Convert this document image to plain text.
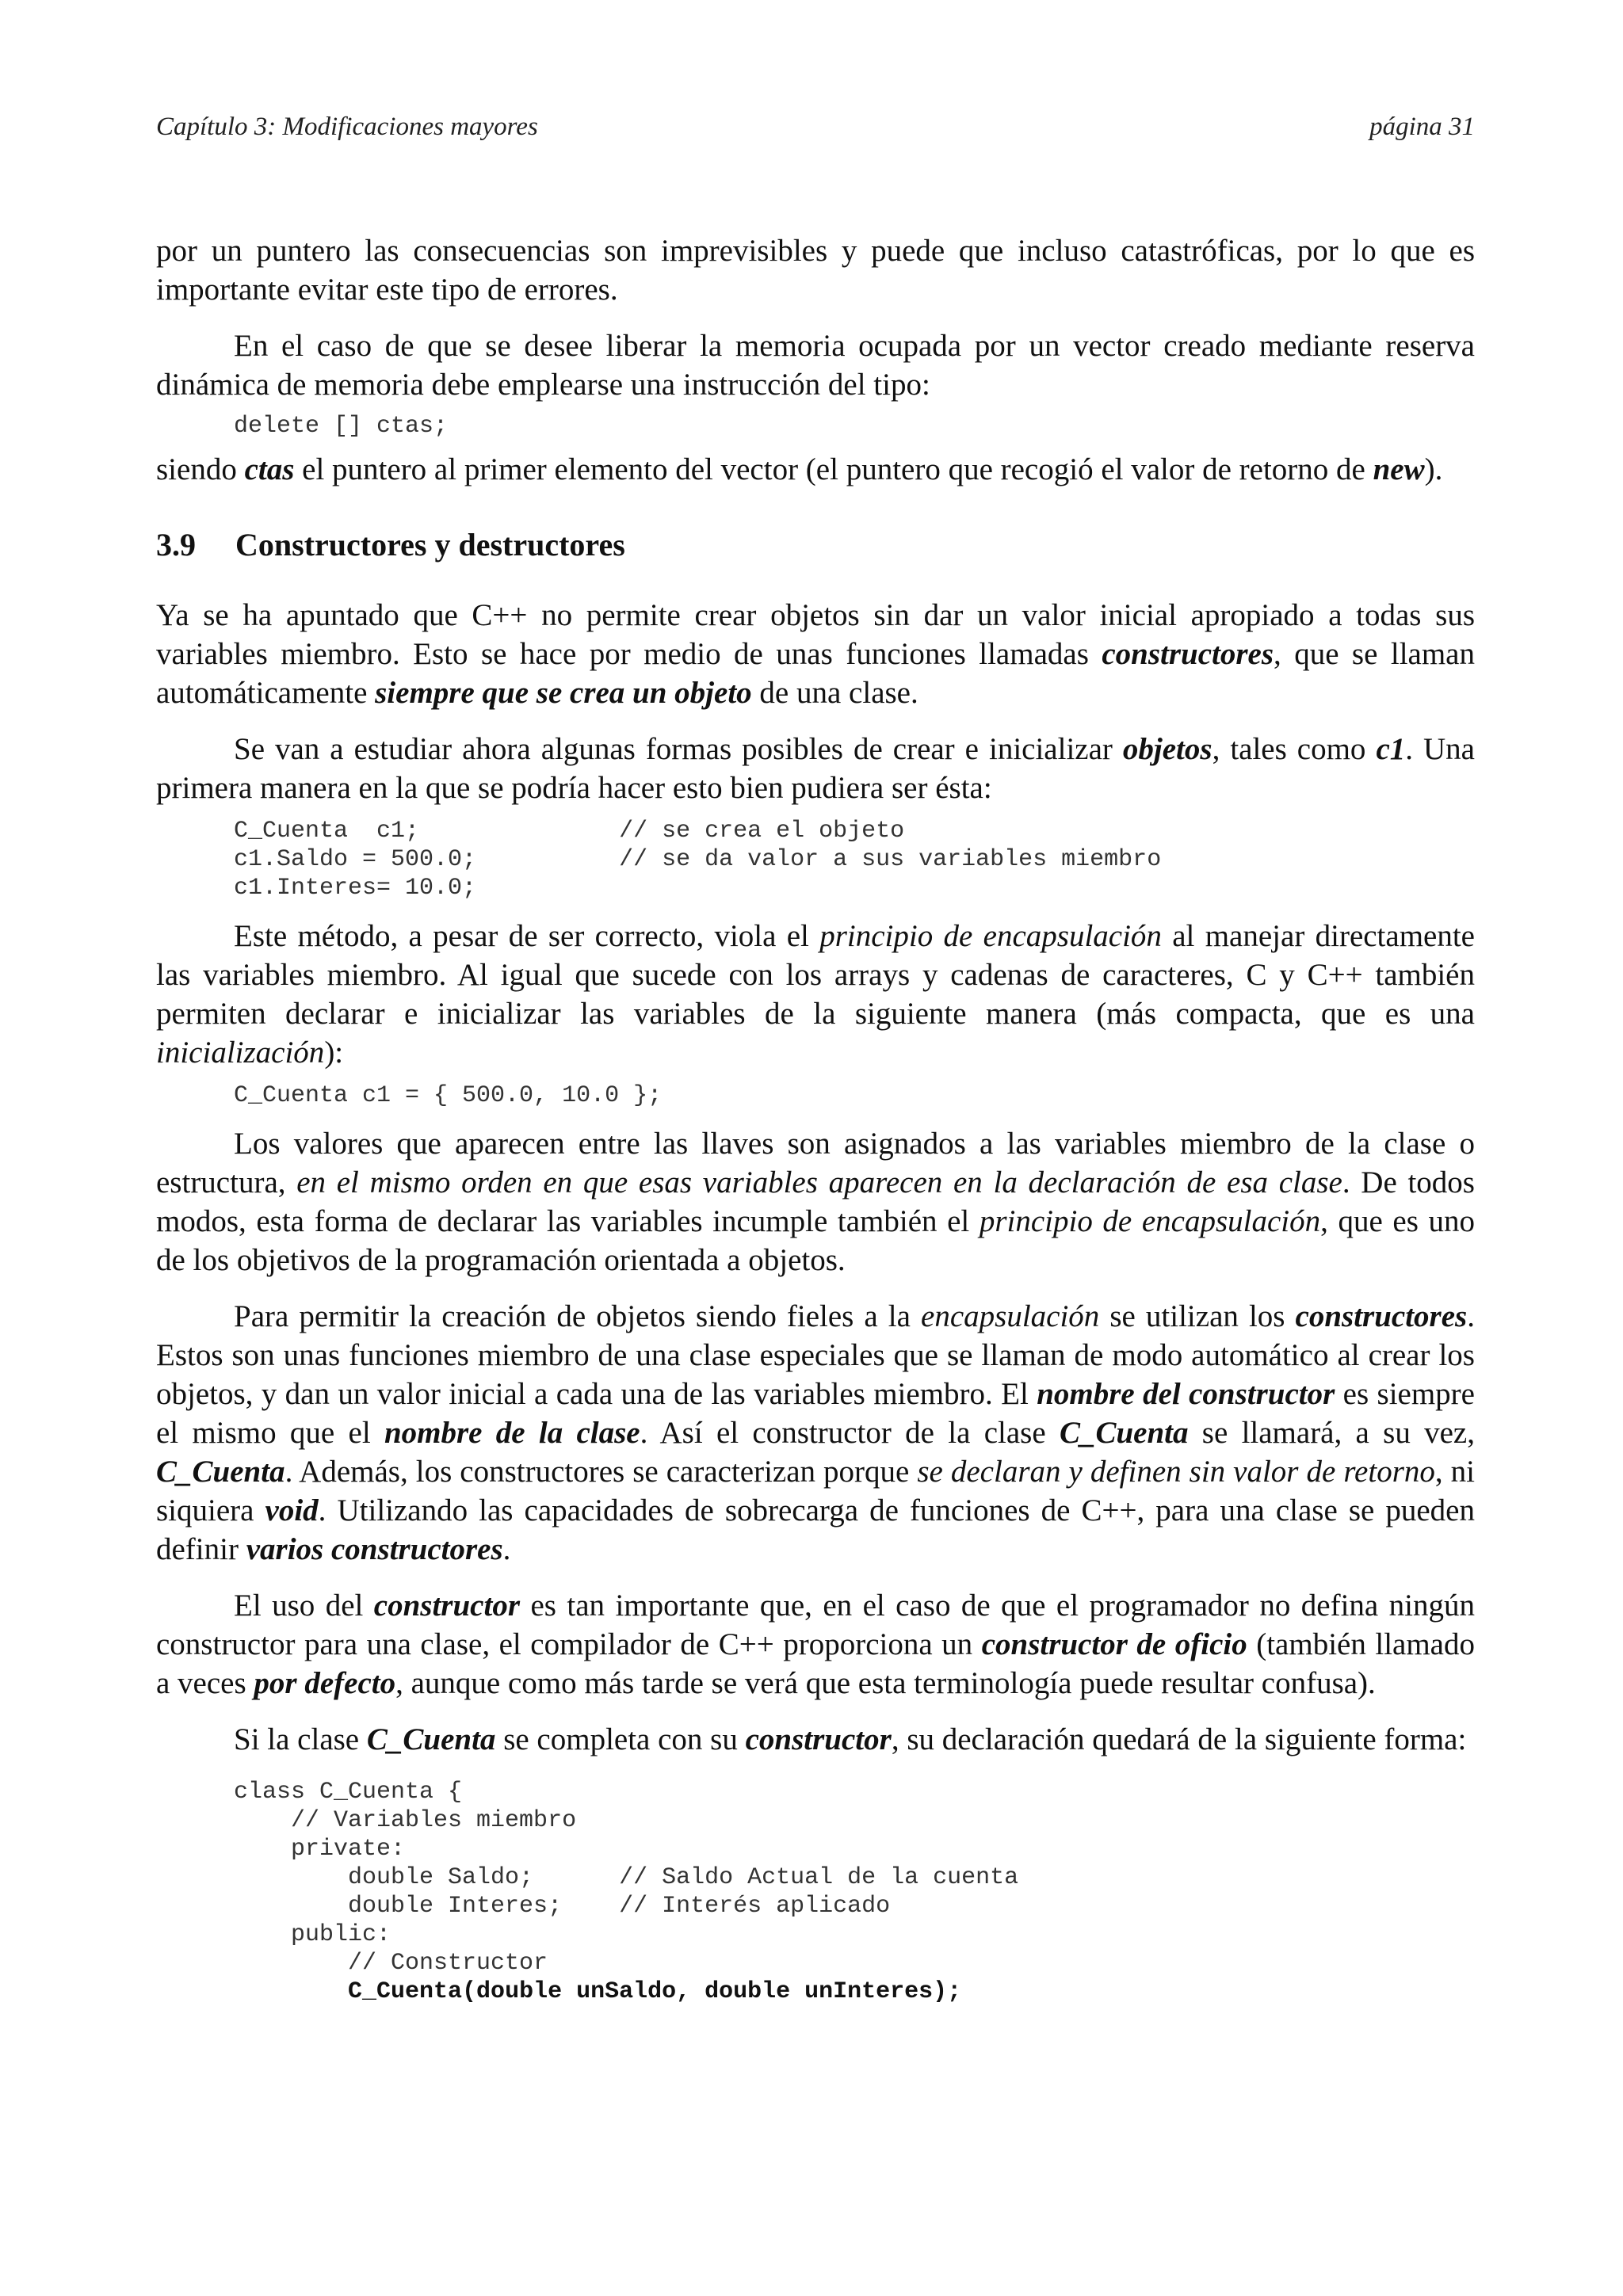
Capítulo 3: Modificaciones mayores	página 31

por un puntero las consecuencias son imprevisibles y puede que incluso catastróficas, por lo que es importante evitar este tipo de errores.

En el caso de que se desee liberar la memoria ocupada por un vector creado mediante reserva dinámica de memoria debe emplearse una instrucción del tipo:

delete [] ctas;

siendo ctas el puntero al primer elemento del vector (el puntero que recogió el valor de retorno de new).

3.9 Constructores y destructores

Ya se ha apuntado que C++ no permite crear objetos sin dar un valor inicial apropiado a todas sus variables miembro. Esto se hace por medio de unas funciones llamadas constructores, que se llaman automáticamente siempre que se crea un objeto de una clase.

Se van a estudiar ahora algunas formas posibles de crear e inicializar objetos, tales como c1. Una primera manera en la que se podría hacer esto bien pudiera ser ésta:

C_Cuenta  c1;              // se crea el objeto
c1.Saldo = 500.0;          // se da valor a sus variables miembro
c1.Interes= 10.0;

Este método, a pesar de ser correcto, viola el principio de encapsulación al manejar directamente las variables miembro. Al igual que sucede con los arrays y cadenas de caracteres, C y C++ también permiten declarar e inicializar las variables de la siguiente manera (más compacta, que es una inicialización):

C_Cuenta c1 = { 500.0, 10.0 };

Los valores que aparecen entre las llaves son asignados a las variables miembro de la clase o estructura, en el mismo orden en que esas variables aparecen en la declaración de esa clase. De todos modos, esta forma de declarar las variables incumple también el principio de encapsulación, que es uno de los objetivos de la programación orientada a objetos.

Para permitir la creación de objetos siendo fieles a la encapsulación se utilizan los constructores. Estos son unas funciones miembro de una clase especiales que se llaman de modo automático al crear los objetos, y dan un valor inicial a cada una de las variables miembro. El nombre del constructor es siempre el mismo que el nombre de la clase. Así el constructor de la clase C_Cuenta se llamará, a su vez, C_Cuenta. Además, los constructores se caracterizan porque se declaran y definen sin valor de retorno, ni siquiera void. Utilizando las capacidades de sobrecarga de funciones de C++, para una clase se pueden definir varios constructores.

El uso del constructor es tan importante que, en el caso de que el programador no defina ningún constructor para una clase, el compilador de C++ proporciona un constructor de oficio (también llamado a veces por defecto, aunque como más tarde se verá que esta terminología puede resultar confusa).

Si la clase C_Cuenta se completa con su constructor, su declaración quedará de la siguiente forma:

class C_Cuenta {
// Variables miembro
private:
double Saldo;      // Saldo Actual de la cuenta
double Interes;    // Interés aplicado
public:
// Constructor
C_Cuenta(double unSaldo, double unInteres);
